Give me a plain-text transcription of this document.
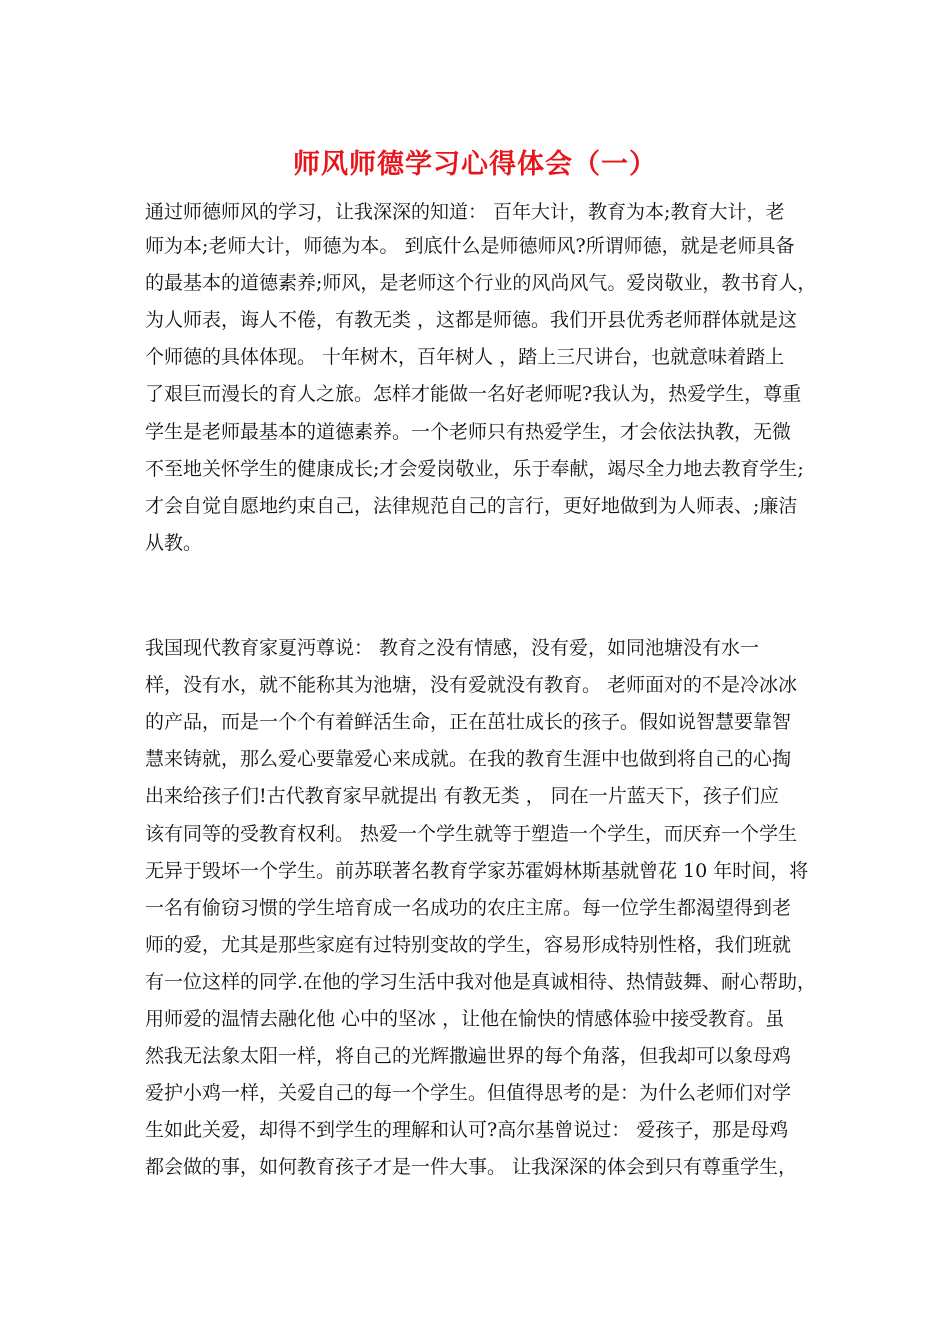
师风师德学习心得体会（一）
通过师德师风的学习，让我深深的知道： 百年大计，教育为本;教育大计，老
师为本;老师大计，师德为本。 到底什么是师德师风?所谓师德，就是老师具备
的最基本的道德素养;师风，是老师这个行业的风尚风气。爱岗敬业，教书育人，
为人师表，诲人不倦，有教无类 ，这都是师德。我们开县优秀老师群体就是这
个师德的具体体现。 十年树木，百年树人 ，踏上三尺讲台，也就意味着踏上
了艰巨而漫长的育人之旅。怎样才能做一名好老师呢?我认为，热爱学生，尊重
学生是老师最基本的道德素养。一个老师只有热爱学生，才会依法执教，无微
不至地关怀学生的健康成长;才会爱岗敬业，乐于奉献，竭尽全力地去教育学生;
才会自觉自愿地约束自己，法律规范自己的言行，更好地做到为人师表、;廉洁
从教。
我国现代教育家夏沔尊说： 教育之没有情感，没有爱，如同池塘没有水一
样，没有水，就不能称其为池塘，没有爱就没有教育。 老师面对的不是冷冰冰
的产品，而是一个个有着鲜活生命，正在茁壮成长的孩子。假如说智慧要靠智
慧来铸就，那么爱心要靠爱心来成就。在我的教育生涯中也做到将自己的心掏
出来给孩子们!古代教育家早就提出 有教无类 ， 同在一片蓝天下，孩子们应
该有同等的受教育权利。 热爱一个学生就等于塑造一个学生，而厌弃一个学生
无异于毁坏一个学生。前苏联著名教育学家苏霍姆林斯基就曾花 10 年时间，将
一名有偷窃习惯的学生培育成一名成功的农庄主席。每一位学生都渴望得到老
师的爱，尤其是那些家庭有过特别变故的学生，容易形成特别性格，我们班就
有一位这样的同学.在他的学习生活中我对他是真诚相待、热情鼓舞、耐心帮助，
用师爱的温情去融化他 心中的坚冰 ，让他在愉快的情感体验中接受教育。虽
然我无法象太阳一样，将自己的光辉撒遍世界的每个角落，但我却可以象母鸡
爱护小鸡一样，关爱自己的每一个学生。但值得思考的是：为什么老师们对学
生如此关爱，却得不到学生的理解和认可?高尔基曾说过： 爱孩子，那是母鸡
都会做的事，如何教育孩子才是一件大事。 让我深深的体会到只有尊重学生，
